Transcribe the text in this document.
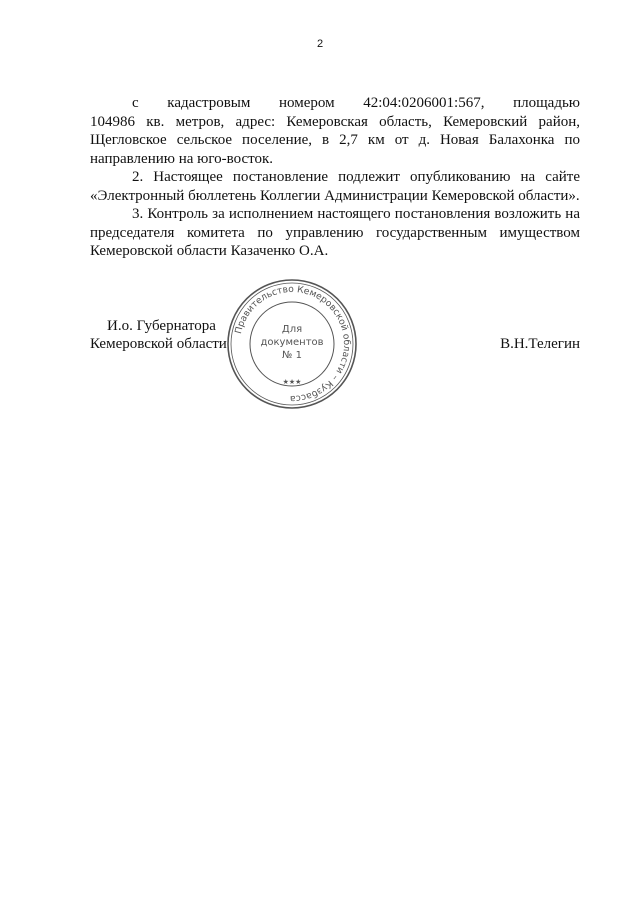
2

с кадастровым номером 42:04:0206001:567, площадью

104986 кв. метров, адрес: Кемеровская область, Кемеровский район, Щегловское сельское поселение, в 2,7 км от д. Новая Балахонка по направлению на юго-восток.

2. Настоящее постановление подлежит опубликованию на сайте «Электронный бюллетень Коллегии Администрации Кемеровской области».

3. Контроль за исполнением настоящего постановления возложить на председателя комитета по управлению государственным имуществом Кемеровской области Казаченко О.А.

И.о. Губернатора
Кемеровской области	В.Н.Телегин
Правительство Кемеровской области – Кузбасса
★★★
Для
документов
№ 1
